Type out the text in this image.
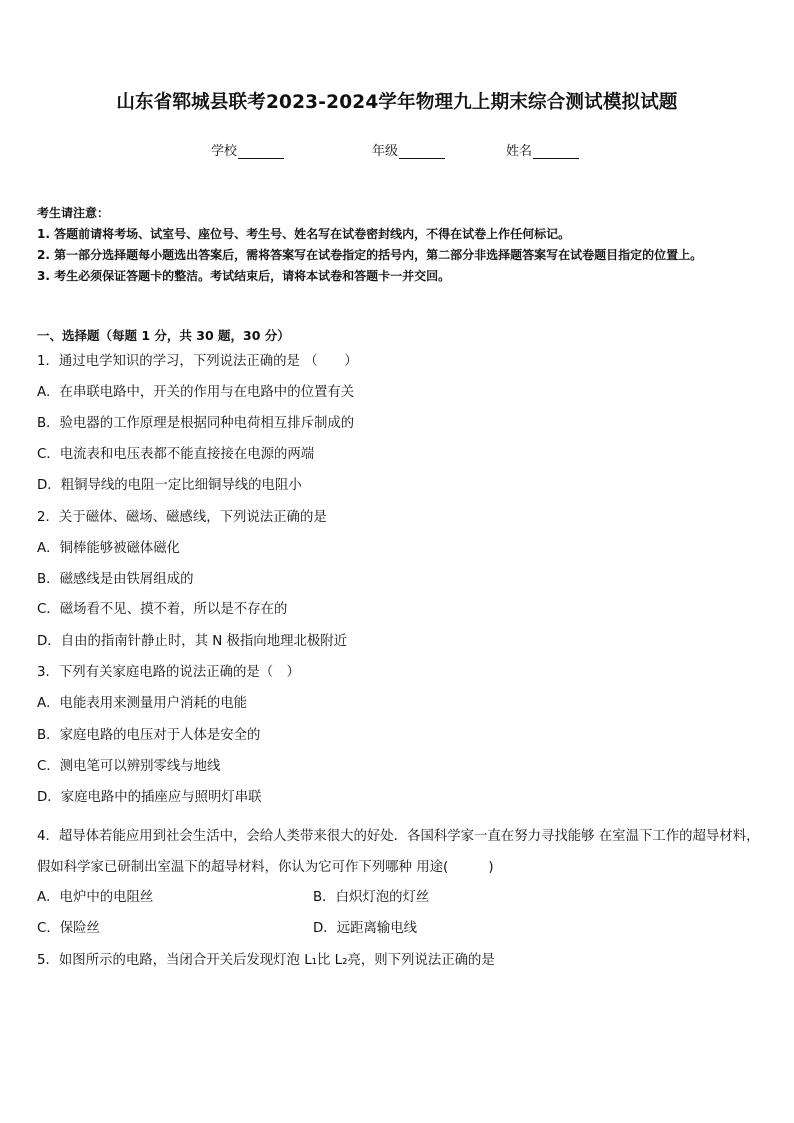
山东省郓城县联考2023-2024学年物理九上期末综合测试模拟试题
学校	年级	姓名

考生请注意：

1. 答题前请将考场、试室号、座位号、考生号、姓名写在试卷密封线内，不得在试卷上作任何标记。

2. 第一部分选择题每小题选出答案后，需将答案写在试卷指定的括号内，第二部分非选择题答案写在试卷题目指定的位置上。

3. 考生必须保证答题卡的整洁。考试结束后，请将本试卷和答题卡一并交回。

一、选择题（每题 1 分，共 30 题，30 分）
1．通过电学知识的学习，下列说法正确的是 （　　）
A．在串联电路中，开关的作用与在电路中的位置有关
B．验电器的工作原理是根据同种电荷相互排斥制成的
C．电流表和电压表都不能直接接在电源的两端
D．粗铜导线的电阻一定比细铜导线的电阻小
2．关于磁体、磁场、磁感线，下列说法正确的是
A．铜棒能够被磁体磁化
B．磁感线是由铁屑组成的
C．磁场看不见、摸不着，所以是不存在的
D．自由的指南针静止时，其 N 极指向地理北极附近
3．下列有关家庭电路的说法正确的是（　）
A．电能表用来测量用户消耗的电能
B．家庭电路的电压对于人体是安全的
C．测电笔可以辨别零线与地线
D．家庭电路中的插座应与照明灯串联
4．超导体若能应用到社会生活中，会给人类带来很大的好处．各国科学家一直在努力寻找能够 在室温下工作的超导材料，假如科学家已研制出室温下的超导材料，你认为它可作下列哪种 用途(　　　)
A．电炉中的电阻丝	B．白炽灯泡的灯丝
C．保险丝	D．远距离输电线
5．如图所示的电路，当闭合开关后发现灯泡 L₁比 L₂亮，则下列说法正确的是
